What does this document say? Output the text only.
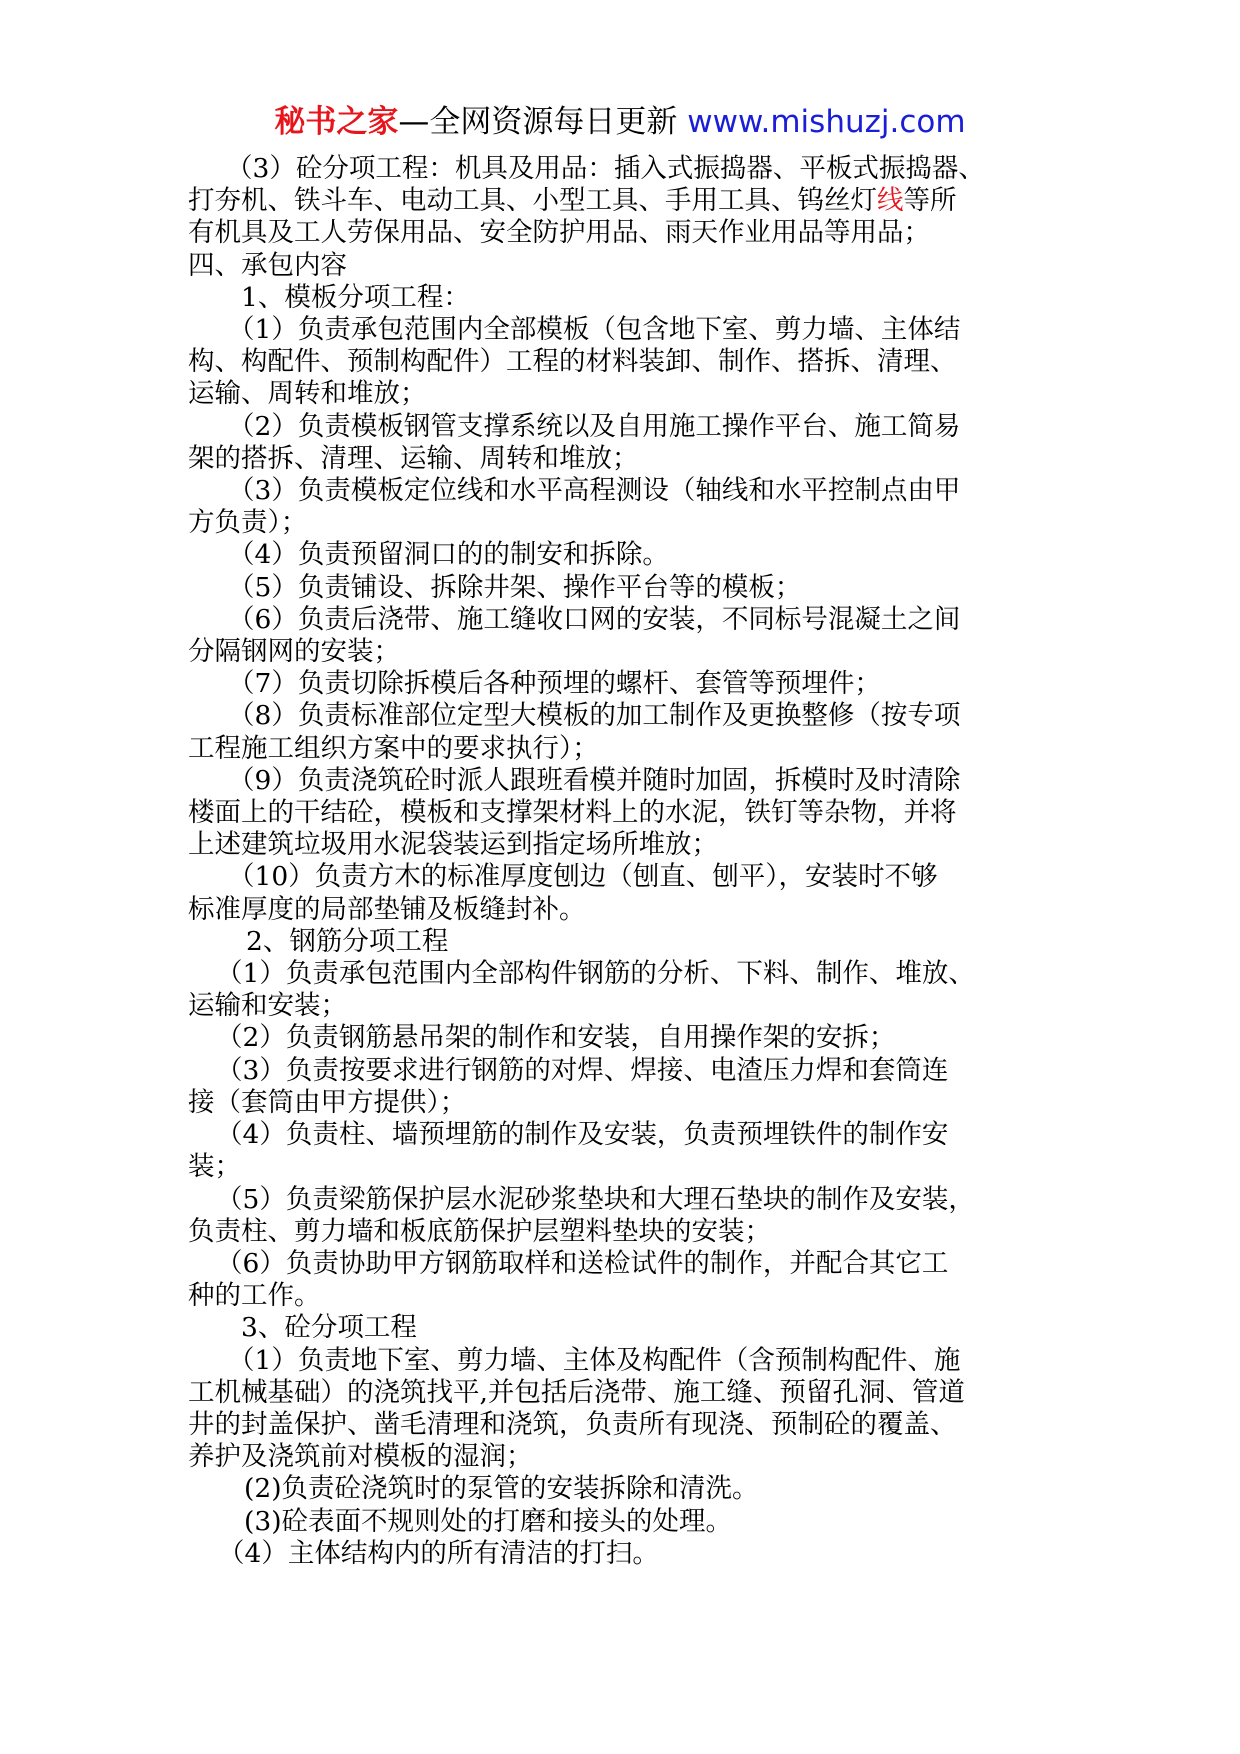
秘书之家—全网资源每日更新 www.mishuzj.com

（3）砼分项工程：机具及用品：插入式振捣器、平板式振捣器、

打夯机、铁斗车、电动工具、小型工具、手用工具、钨丝灯线等所

有机具及工人劳保用品、安全防护用品、雨天作业用品等用品；

四、承包内容

1、模板分项工程：

（1）负责承包范围内全部模板（包含地下室、剪力墙、主体结

构、构配件、预制构配件）工程的材料装卸、制作、搭拆、清理、

运输、周转和堆放；

（2）负责模板钢管支撑系统以及自用施工操作平台、施工简易

架的搭拆、清理、运输、周转和堆放；

（3）负责模板定位线和水平高程测设（轴线和水平控制点由甲

方负责）；

（4）负责预留洞口的的制安和拆除。

（5）负责铺设、拆除井架、操作平台等的模板；

（6）负责后浇带、施工缝收口网的安装，不同标号混凝土之间

分隔钢网的安装；

（7）负责切除拆模后各种预埋的螺杆、套管等预埋件；

（8）负责标准部位定型大模板的加工制作及更换整修（按专项

工程施工组织方案中的要求执行）；

（9）负责浇筑砼时派人跟班看模并随时加固，拆模时及时清除

楼面上的干结砼，模板和支撑架材料上的水泥，铁钉等杂物，并将

上述建筑垃圾用水泥袋装运到指定场所堆放；

（10）负责方木的标准厚度刨边（刨直、刨平），安装时不够

标准厚度的局部垫铺及板缝封补。

2、钢筋分项工程

（1）负责承包范围内全部构件钢筋的分析、下料、制作、堆放、

运输和安装；

（2）负责钢筋悬吊架的制作和安装，自用操作架的安拆；

（3）负责按要求进行钢筋的对焊、焊接、电渣压力焊和套筒连

接（套筒由甲方提供）；

（4）负责柱、墙预埋筋的制作及安装，负责预埋铁件的制作安

装；

（5）负责梁筋保护层水泥砂浆垫块和大理石垫块的制作及安装，

负责柱、剪力墙和板底筋保护层塑料垫块的安装；

（6）负责协助甲方钢筋取样和送检试件的制作，并配合其它工

种的工作。

3、砼分项工程

（1）负责地下室、剪力墙、主体及构配件（含预制构配件、施

工机械基础）的浇筑找平,并包括后浇带、施工缝、预留孔洞、管道

井的封盖保护、凿毛清理和浇筑，负责所有现浇、预制砼的覆盖、

养护及浇筑前对模板的湿润；

(2)负责砼浇筑时的泵管的安装拆除和清洗。

(3)砼表面不规则处的打磨和接头的处理。

（4）主体结构内的所有清洁的打扫。
